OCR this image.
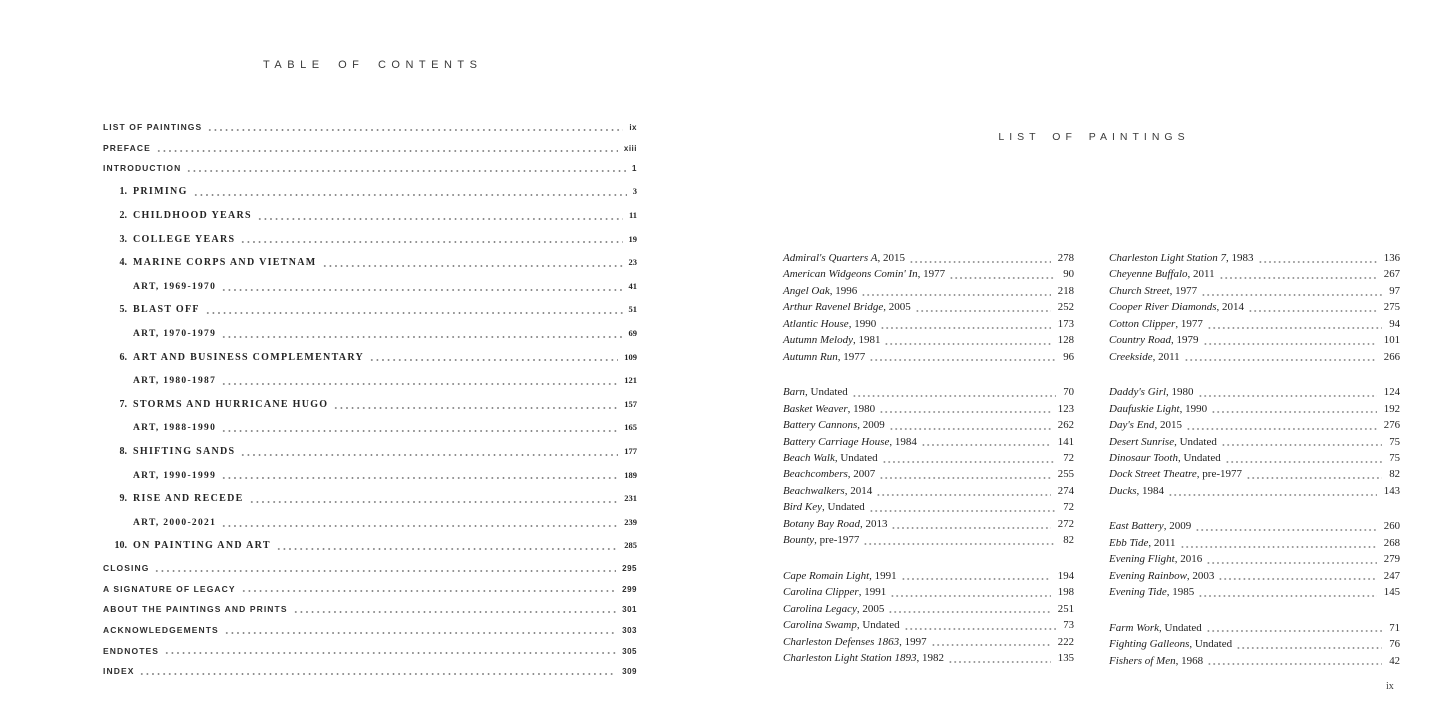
TABLE OF CONTENTS
LIST OF PAINTINGS	ix
PREFACE	xiii
INTRODUCTION	1
1. PRIMING	3
2. CHILDHOOD YEARS	11
3. COLLEGE YEARS	19
4. MARINE CORPS AND VIETNAM	23
ART, 1969-1970	41
5. BLAST OFF	51
ART, 1970-1979	69
6. ART AND BUSINESS COMPLEMENTARY	109
ART, 1980-1987	121
7. STORMS AND HURRICANE HUGO	157
ART, 1988-1990	165
8. SHIFTING SANDS	177
ART, 1990-1999	189
9. RISE AND RECEDE	231
ART, 2000-2021	239
10. ON PAINTING AND ART	285
CLOSING	295
A SIGNATURE OF LEGACY	299
ABOUT THE PAINTINGS AND PRINTS	301
ACKNOWLEDGEMENTS	303
ENDNOTES	305
INDEX	309
LIST OF PAINTINGS
Admiral's Quarters A, 2015	278
American Widgeons Comin' In, 1977	90
Angel Oak, 1996	218
Arthur Ravenel Bridge, 2005	252
Atlantic House, 1990	173
Autumn Melody, 1981	128
Autumn Run, 1977	96
Barn, Undated	70
Basket Weaver, 1980	123
Battery Cannons, 2009	262
Battery Carriage House, 1984	141
Beach Walk, Undated	72
Beachcombers, 2007	255
Beachwalkers, 2014	274
Bird Key, Undated	72
Botany Bay Road, 2013	272
Bounty, pre-1977	82
Cape Romain Light, 1991	194
Carolina Clipper, 1991	198
Carolina Legacy, 2005	251
Carolina Swamp, Undated	73
Charleston Defenses 1863, 1997	222
Charleston Light Station 1893, 1982	135
Charleston Light Station 7, 1983	136
Cheyenne Buffalo, 2011	267
Church Street, 1977	97
Cooper River Diamonds, 2014	275
Cotton Clipper, 1977	94
Country Road, 1979	101
Creekside, 2011	266
Daddy's Girl, 1980	124
Daufuskie Light, 1990	192
Day's End, 2015	276
Desert Sunrise, Undated	75
Dinosaur Tooth, Undated	75
Dock Street Theatre, pre-1977	82
Ducks, 1984	143
East Battery, 2009	260
Ebb Tide, 2011	268
Evening Flight, 2016	279
Evening Rainbow, 2003	247
Evening Tide, 1985	145
Farm Work, Undated	71
Fighting Galleons, Undated	76
Fishers of Men, 1968	42
ix
